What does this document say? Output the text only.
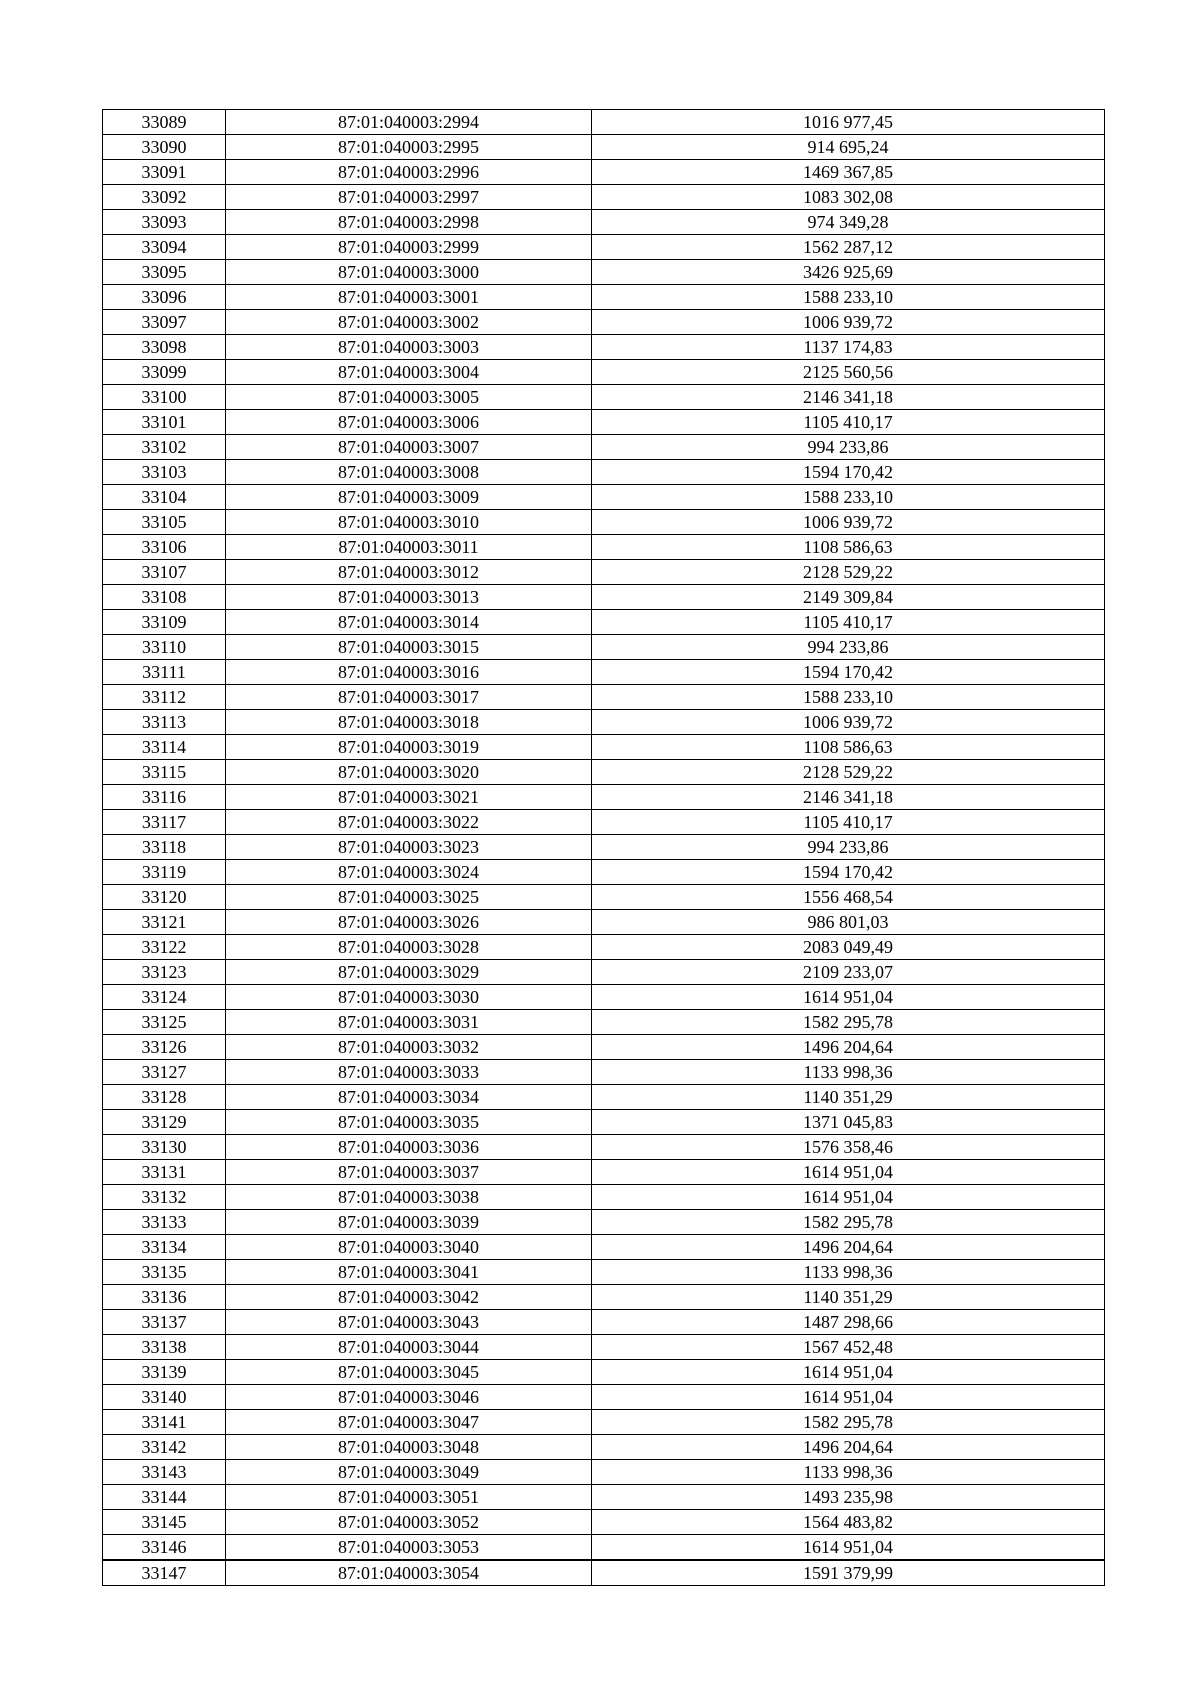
33089	87:01:040003:2994	1016 977,45
33090	87:01:040003:2995	914 695,24
33091	87:01:040003:2996	1469 367,85
33092	87:01:040003:2997	1083 302,08
33093	87:01:040003:2998	974 349,28
33094	87:01:040003:2999	1562 287,12
33095	87:01:040003:3000	3426 925,69
33096	87:01:040003:3001	1588 233,10
33097	87:01:040003:3002	1006 939,72
33098	87:01:040003:3003	1137 174,83
33099	87:01:040003:3004	2125 560,56
33100	87:01:040003:3005	2146 341,18
33101	87:01:040003:3006	1105 410,17
33102	87:01:040003:3007	994 233,86
33103	87:01:040003:3008	1594 170,42
33104	87:01:040003:3009	1588 233,10
33105	87:01:040003:3010	1006 939,72
33106	87:01:040003:3011	1108 586,63
33107	87:01:040003:3012	2128 529,22
33108	87:01:040003:3013	2149 309,84
33109	87:01:040003:3014	1105 410,17
33110	87:01:040003:3015	994 233,86
33111	87:01:040003:3016	1594 170,42
33112	87:01:040003:3017	1588 233,10
33113	87:01:040003:3018	1006 939,72
33114	87:01:040003:3019	1108 586,63
33115	87:01:040003:3020	2128 529,22
33116	87:01:040003:3021	2146 341,18
33117	87:01:040003:3022	1105 410,17
33118	87:01:040003:3023	994 233,86
33119	87:01:040003:3024	1594 170,42
33120	87:01:040003:3025	1556 468,54
33121	87:01:040003:3026	986 801,03
33122	87:01:040003:3028	2083 049,49
33123	87:01:040003:3029	2109 233,07
33124	87:01:040003:3030	1614 951,04
33125	87:01:040003:3031	1582 295,78
33126	87:01:040003:3032	1496 204,64
33127	87:01:040003:3033	1133 998,36
33128	87:01:040003:3034	1140 351,29
33129	87:01:040003:3035	1371 045,83
33130	87:01:040003:3036	1576 358,46
33131	87:01:040003:3037	1614 951,04
33132	87:01:040003:3038	1614 951,04
33133	87:01:040003:3039	1582 295,78
33134	87:01:040003:3040	1496 204,64
33135	87:01:040003:3041	1133 998,36
33136	87:01:040003:3042	1140 351,29
33137	87:01:040003:3043	1487 298,66
33138	87:01:040003:3044	1567 452,48
33139	87:01:040003:3045	1614 951,04
33140	87:01:040003:3046	1614 951,04
33141	87:01:040003:3047	1582 295,78
33142	87:01:040003:3048	1496 204,64
33143	87:01:040003:3049	1133 998,36
33144	87:01:040003:3051	1493 235,98
33145	87:01:040003:3052	1564 483,82
33146	87:01:040003:3053	1614 951,04
33147	87:01:040003:3054	1591 379,99
